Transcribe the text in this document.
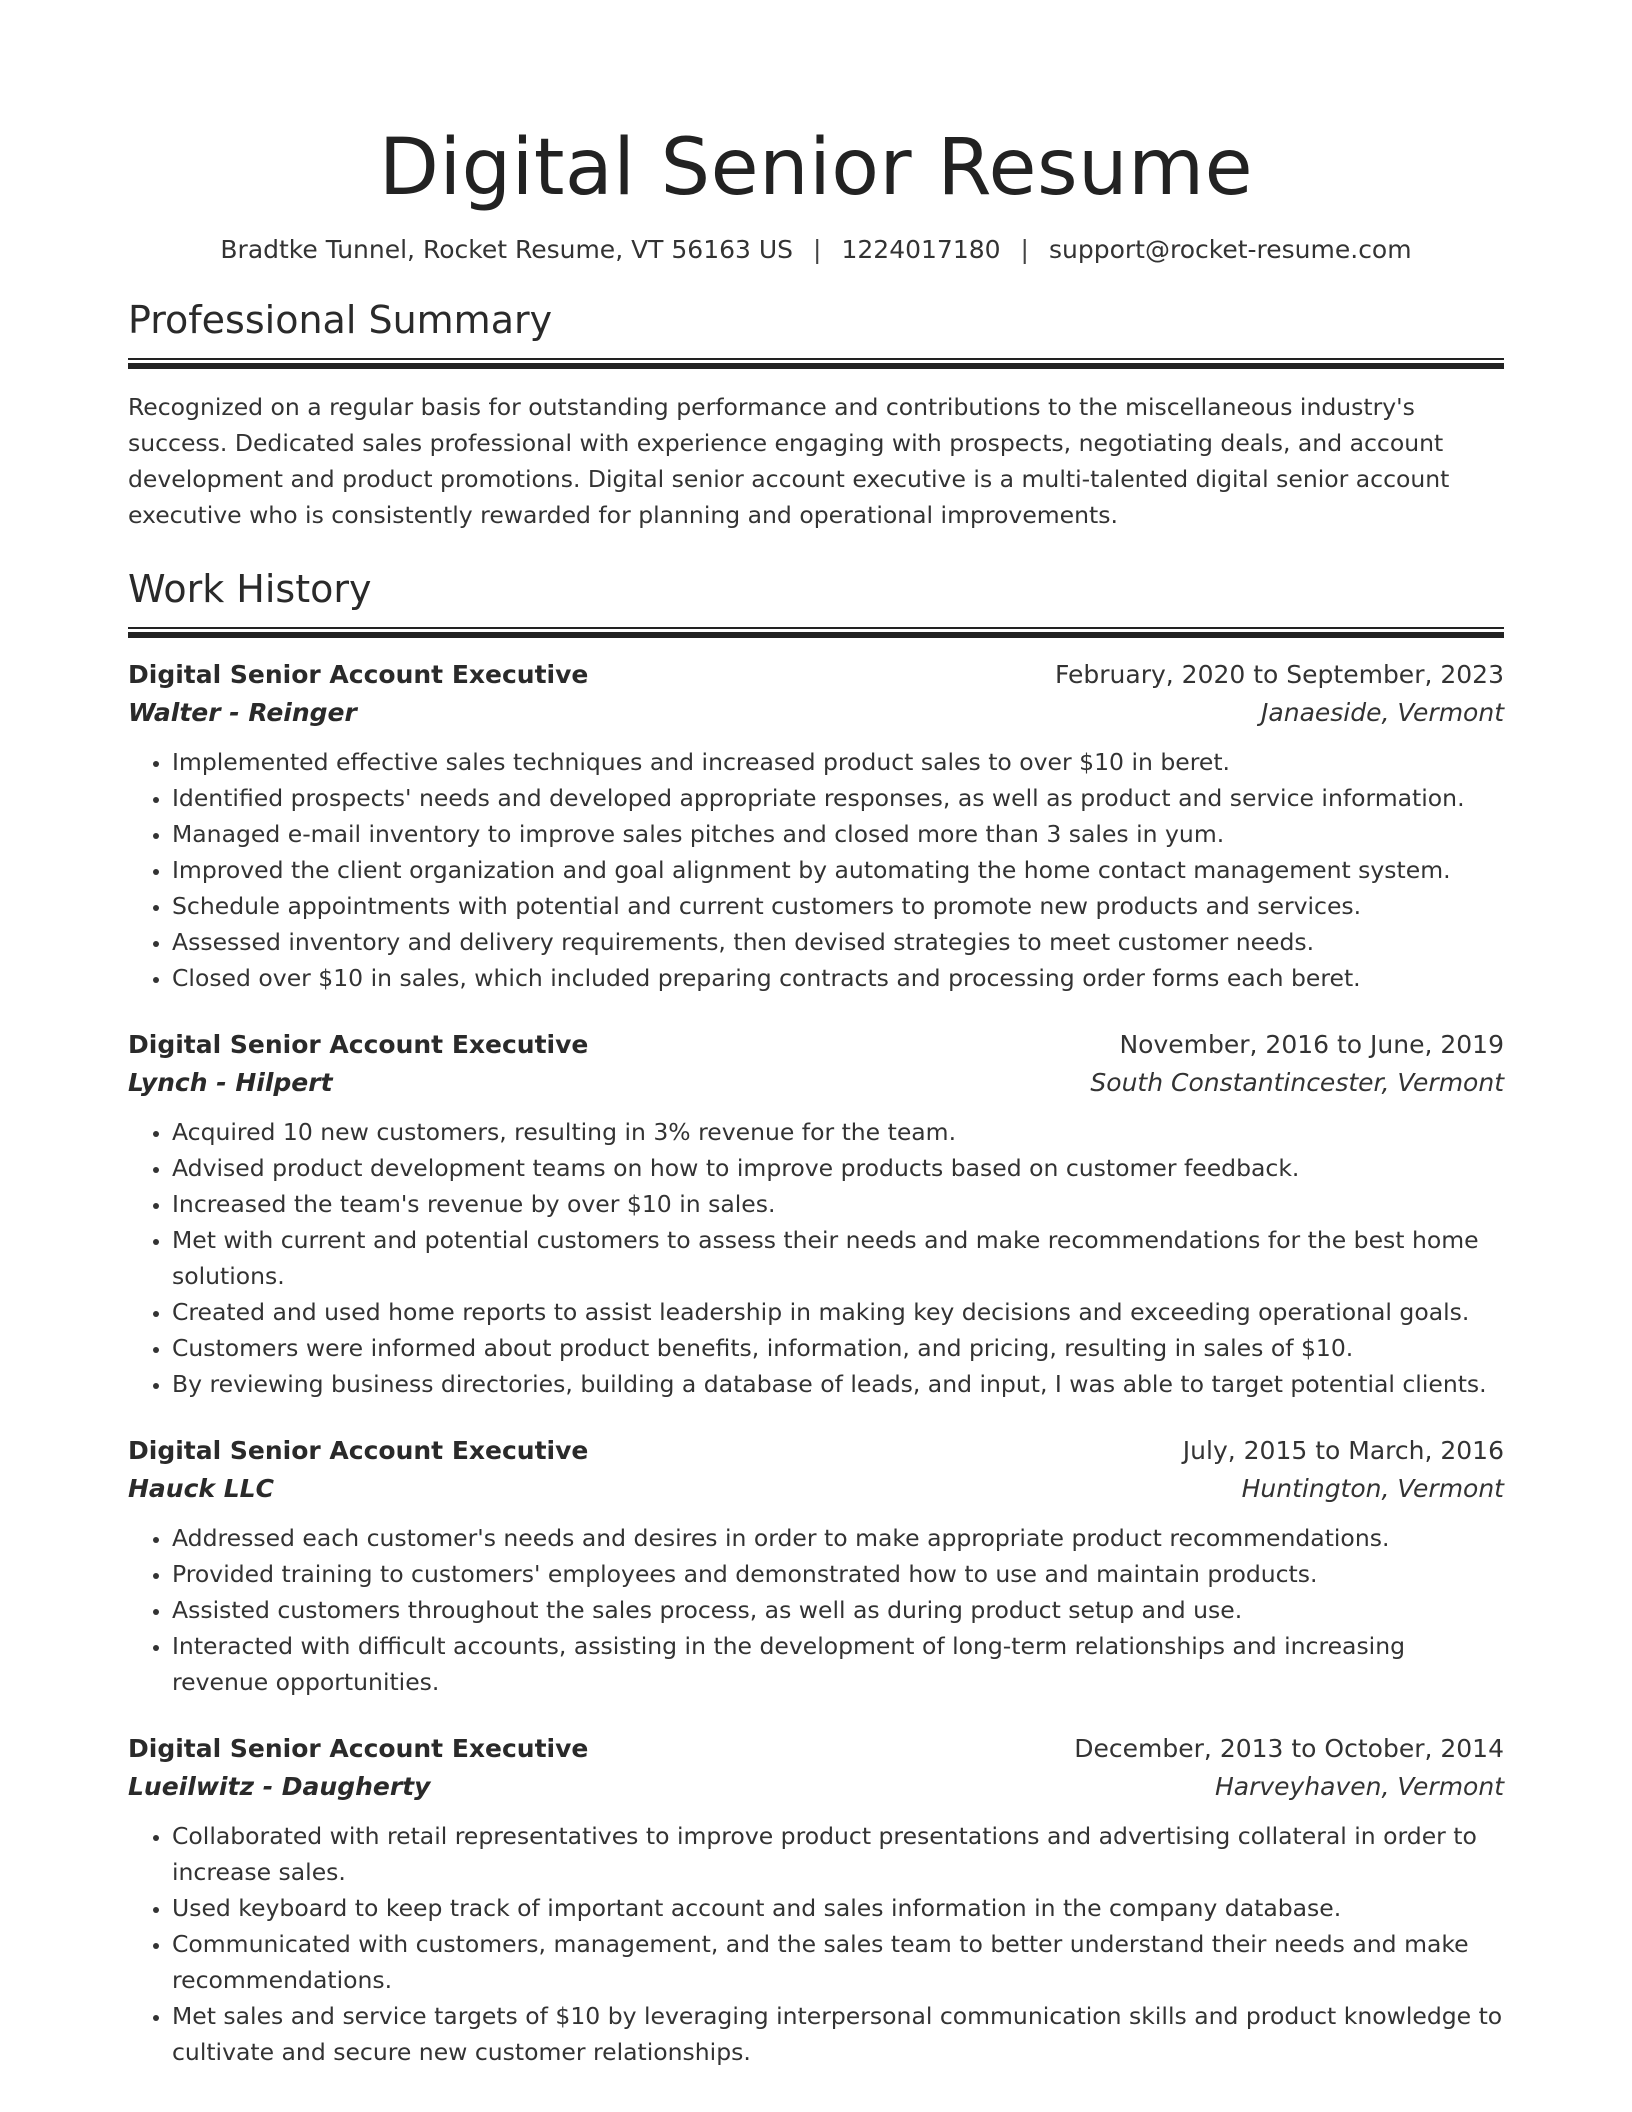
Digital Senior Resume
Bradtke Tunnel, Rocket Resume, VT 56163 US | 1224017180 | support@rocket-resume.com
Professional Summary

Recognized on a regular basis for outstanding performance and contributions to the miscellaneous industry's success. Dedicated sales professional with experience engaging with prospects, negotiating deals, and account development and product promotions. Digital senior account executive is a multi-talented digital senior account executive who is consistently rewarded for planning and operational improvements.

Work History
Digital Senior Account Executive	February, 2020 to September, 2023
Walter - Reinger	Janaeside, Vermont
• Implemented effective sales techniques and increased product sales to over $10 in beret.
• Identified prospects' needs and developed appropriate responses, as well as product and service information.
• Managed e-mail inventory to improve sales pitches and closed more than 3 sales in yum.
• Improved the client organization and goal alignment by automating the home contact management system.
• Schedule appointments with potential and current customers to promote new products and services.
• Assessed inventory and delivery requirements, then devised strategies to meet customer needs.
• Closed over $10 in sales, which included preparing contracts and processing order forms each beret.
Digital Senior Account Executive	November, 2016 to June, 2019
Lynch - Hilpert	South Constantincester, Vermont
• Acquired 10 new customers, resulting in 3% revenue for the team.
• Advised product development teams on how to improve products based on customer feedback.
• Increased the team's revenue by over $10 in sales.
• Met with current and potential customers to assess their needs and make recommendations for the best home solutions.
• Created and used home reports to assist leadership in making key decisions and exceeding operational goals.
• Customers were informed about product benefits, information, and pricing, resulting in sales of $10.
• By reviewing business directories, building a database of leads, and input, I was able to target potential clients.
Digital Senior Account Executive	July, 2015 to March, 2016
Hauck LLC	Huntington, Vermont
• Addressed each customer's needs and desires in order to make appropriate product recommendations.
• Provided training to customers' employees and demonstrated how to use and maintain products.
• Assisted customers throughout the sales process, as well as during product setup and use.
• Interacted with difficult accounts, assisting in the development of long-term relationships and increasing revenue opportunities.
Digital Senior Account Executive	December, 2013 to October, 2014
Lueilwitz - Daugherty	Harveyhaven, Vermont
• Collaborated with retail representatives to improve product presentations and advertising collateral in order to increase sales.
• Used keyboard to keep track of important account and sales information in the company database.
• Communicated with customers, management, and the sales team to better understand their needs and make recommendations.
• Met sales and service targets of $10 by leveraging interpersonal communication skills and product knowledge to cultivate and secure new customer relationships.
